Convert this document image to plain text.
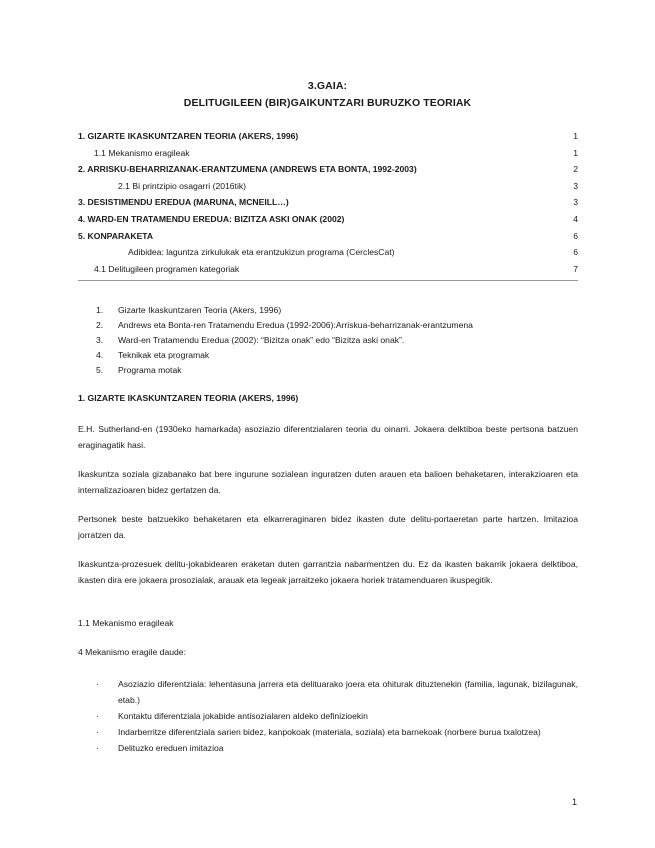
3.GAIA:
DELITUGILEEN (BIR)GAIKUNTZARI BURUZKO TEORIAK
1. GIZARTE IKASKUNTZAREN TEORIA (AKERS, 1996)	1
1.1 Mekanismo eragileak	1
2. ARRISKU-BEHARRIZANAK-ERANTZUMENA (ANDREWS ETA BONTA, 1992-2003)	2
2.1 Bi printzipio osagarri (2016tik)	3
3. DESISTIMENDU EREDUA (MARUNA, MCNEILL…)	3
4. WARD-EN TRATAMENDU EREDUA: BIZITZA ASKI ONAK (2002)	4
5. KONPARAKETA	6
Adibidea: laguntza zirkulukak eta erantzukizun programa (CerclesCat)	6
4.1 Delitugileen programen kategoriak	7
1.	Gizarte Ikaskuntzaren Teoria (Akers, 1996)
2.	Andrews eta Bonta-ren Tratamendu Eredua (1992-2006):Arriskua-beharrizanak-erantzumena
3.	Ward-en Tratamendu Eredua (2002): “Bizitza onak” edo “Bizitza aski onak”.
4.	Teknikak eta programak
5.	Programa motak
1. GIZARTE IKASKUNTZAREN TEORIA (AKERS, 1996)
E.H. Sutherland-en (1930eko hamarkada) asoziazio diferentzialaren teoria du oinarri. Jokaera delktiboa beste pertsona batzuen eraginagatik hasi.
Ikaskuntza soziala gizabanako bat bere ingurune sozialean inguratzen duten arauen eta balioen behaketaren, interakzioaren eta internalizazioaren bidez gertatzen da.
Pertsonek beste batzuekiko behaketaren eta elkarreraginaren bidez ikasten dute delitu-portaeretan parte hartzen. Imitazioa jorratzen da.
Ikaskuntza-prozesuek delitu-jokabidearen eraketan duten garrantzia nabarmentzen du. Ez da ikasten bakarrik jokaera delktiboa, ikasten dira ere jokaera prosozialak, arauak eta legeak jarraitzeko jokaera horiek tratamenduaren ikuspegitik.
1.1 Mekanismo eragileak
4 Mekanismo eragile daude:
· Asoziazio diferentziala: lehentasuna jarrera eta delituarako joera eta ohiturak dituztenekin (familia, lagunak, bizilagunak, etab.)
· Kontaktu diferentziala jokabide antisozialaren aldeko definizioekin
· Indarberritze diferentziala sarien bidez, kanpokoak (materiala, soziala) eta barnekoak (norbere burua txalotzea)
· Delituzko ereduen imitazioa
1
